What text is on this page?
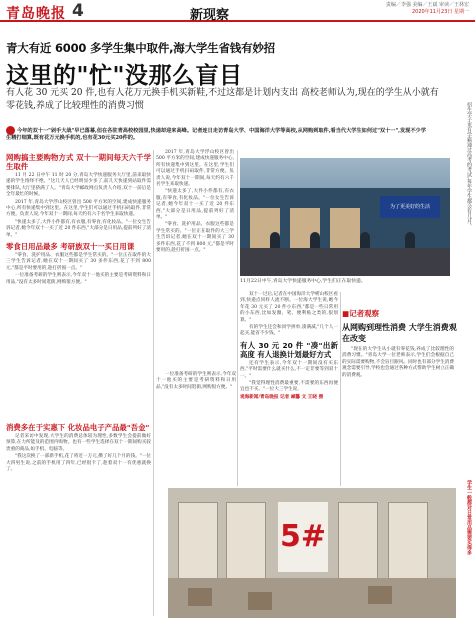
青岛晚报 4	新现察
责编／李强 美编／王斌 审读／王林宏
2020年11月23日 星期一
青大有近 6000 多学生集中取件,海大学生省钱有妙招
这里的"忙"没那么盲目
有人花 30 元买 20 件,也有人花万元换手机买新鞋,不过这都是计划内支出 高校老师认为,现在的学生从小就有零花钱,养成了比较理性的消费习惯
今年的双十一"剁手大战"早已落幕,但在各驻青高校校园里,快递却迎来高峰。记者连日走访青岛大学、中国海洋大学等高校,从网购到取件,看当代大学生如何过"双十一",发现不少学生精打细算,既有花万元换手机的,也有花30元买20件的。
网购搞主要购物方式 双十一期间每天六千学生取件

11 月 22 日中午 11 时 20 分,青岛大学快递服务大厅里,前来取快递的学生络绎不绝。"这几天人已经明显少多了,前几天快递到站取件需要排队,大厅里挤满了人。"青岛大学邮政网点负责人介绍,双十一前后是全年最忙的时候。

2017 年,青岛大学浮山校区曾出 500 平方米的空间,建成快递服务中心,所有快递集中到这里。在这里,学生们可以通过手机扫码取件,非常方便。负责人说,今年双十一期间,每天约有六千名学生来取快递。

"快递太多了,大件小件都有,有衣服,有零食,有化妆品。"一位女生告诉记者,她今年双十一买了近 20 件东西,"大部分是日用品,提前列好了清单。"

零食日用品最多 考研族双十一买日用课

"零食、洗护用品、衣服这些都是学生常买的。"一位正在取件的大三学生告诉记者,她在双十一期间买了 30 多件东西,花了不到 800 元,"都是平时要用的,趁打折囤一点。"

一位准备考研的学生则表示,今年双十一他买的主要是考研资料和日用品,"没有太多时间逛街,网购很方便。"

2017 年,青岛大学浮山校区曾出 500 平方米的空间,建成快递服务中心,所有快递集中到这里。在这里,学生们可以通过手机扫码取件,非常方便。负责人说,今年双十一期间,每天约有六千名学生来取快递。

"快递太多了,大件小件都有,有衣服,有零食,有化妆品。"一位女生告诉记者,她今年双十一买了近 20 件东西,"大部分是日用品,提前列好了清单。"

"零食、洗护用品、衣服这些都是学生常买的。"一位正在取件的大三学生告诉记者,她在双十一期间买了 30 多件东西,花了不到 800 元,"都是平时要用的,趁打折囤一点。"

为了更美好的生活
11月22日中午,青岛大学快递服务中心,学生们正在取快递。
招生学子更有学霸通过高考的考试,每年学生都会有几月。

双十一过后,记者在中国海洋大学崂山校区看到,快递点同样人流不断。一位海大学生说,她今年花 30 元买了 20 件小东西,"都是一些日常用的小东西,比如发圈、笔、便利贴之类的,很划算。"

有的学生还会和同学拼单,凑满减,"几个人一起买,能省不少钱。"

有人 30 元 20 件 "凑"出新高度 有人退换计划最好方式

还有学生表示,今年双十一期间没有买东西,"平时需要什么就买什么,不一定非要等到双十一。"

"我觉得理性消费最重要,不需要的东西再便宜也不买。"一位大三学生说。

观海新闻/青岛晚报 记者 臧馨 文 王晓 摄

■记者观察
从网购到理性消费 大学生消费观在改变

"现在的大学生从小就有零花钱,养成了比较理性的消费习惯。"青岛大学一位老师表示,学生们会根据自己的实际需要购物,不会盲目跟风。同时也有部分学生消费观念需要引导,学校也会通过各种方式帮助学生树立正确的消费观。

一位准备考研的学生则表示,今年双十一他买的主要是考研资料和日用品,"没有太多时间逛街,网购很方便。"

消费多在于实惠下 化妆品电子产品最"吾金"

记者采访中发现,大学生的消费总体较为理性,多数学生会提前做好预算,在力所能及的范围内购物。也有一些学生选择在双十一期间购买较贵重的商品,如手机、电脑等。

"我这次换了一部新手机,花了将近一万元,攒了好几个月的钱。"一位大四男生说,之前的手机用了四年,已经很卡了,趁着双十一有优惠就换了。

5#	学生一般都对日常用品需要买得多
